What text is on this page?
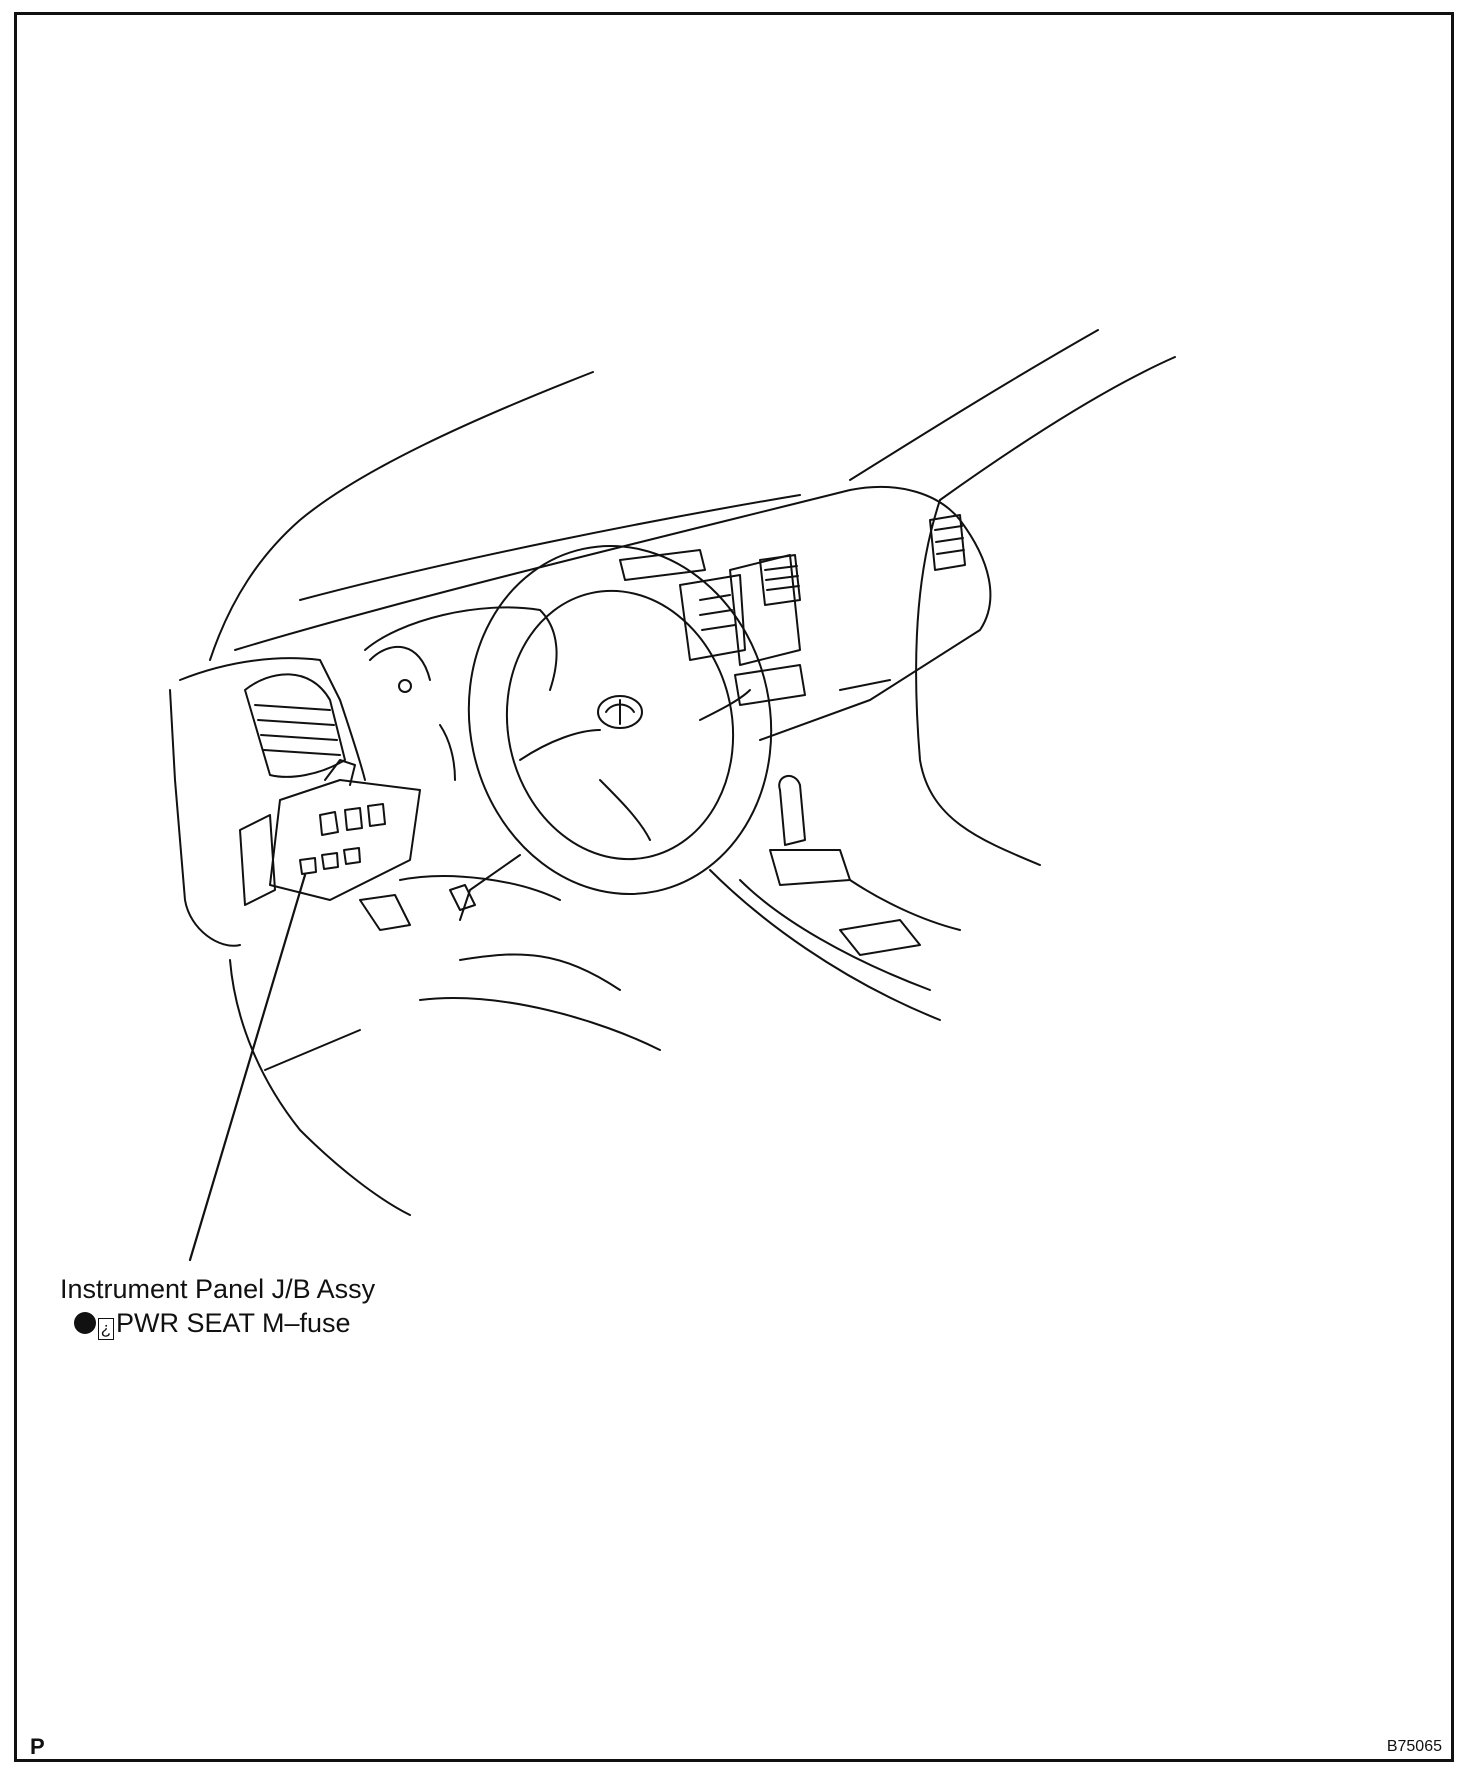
Instrument Panel J/B Assy
¿ PWR SEAT M–fuse
P	B75065
